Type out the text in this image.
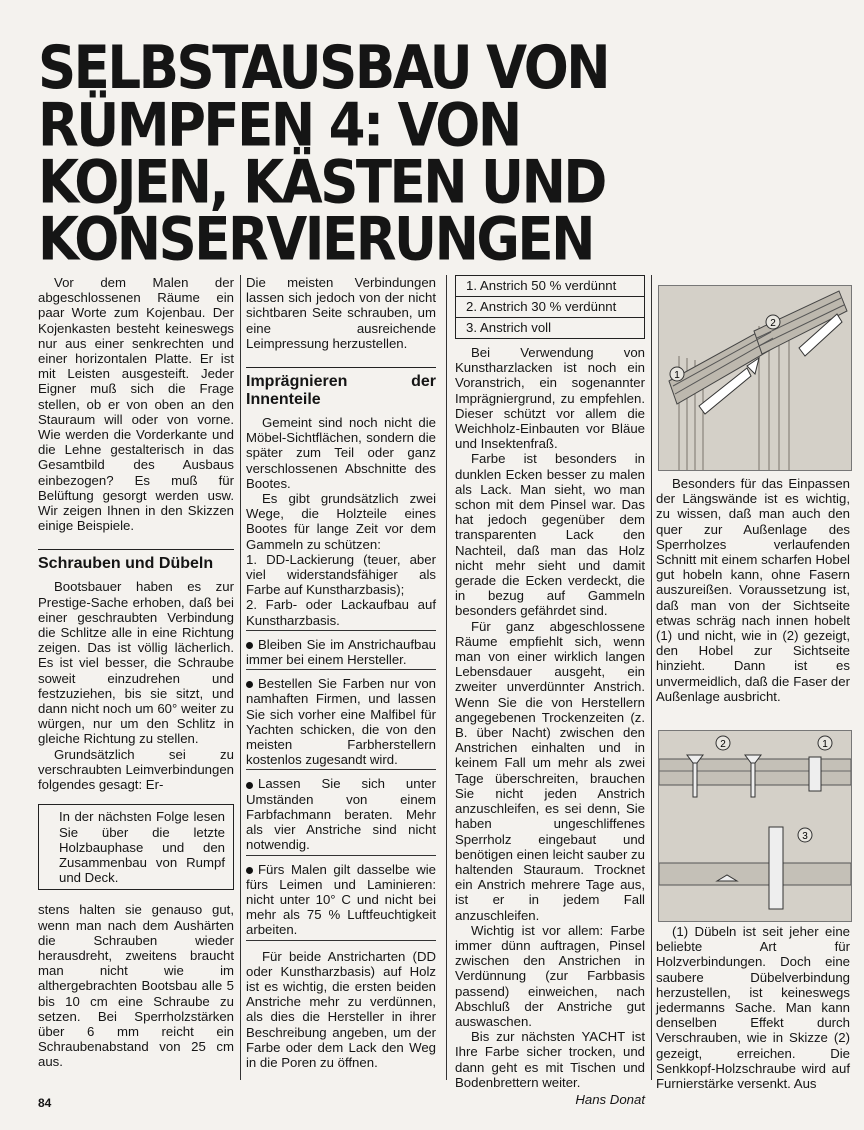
SELBSTAUSBAU VON
RÜMPFEN 4: VON
KOJEN, KÄSTEN UND
KONSERVIERUNGEN

Vor dem Malen der abgeschlossenen Räume ein paar Worte zum Kojenbau. Der Kojenkasten besteht keineswegs nur aus einer senkrechten und einer horizontalen Platte. Er ist mit Leisten ausgesteift. Jeder Eigner muß sich die Frage stellen, ob er von oben an den Stauraum will oder von vorne. Wie werden die Vorderkante und die Lehne gestalterisch in das Gesamtbild des Ausbaus einbezogen? Es muß für Belüftung gesorgt werden usw. Wir zeigen Ihnen in den Skizzen einige Beispiele.

Schrauben und Dübeln

Bootsbauer haben es zur Prestige-Sache erhoben, daß bei einer geschraubten Verbindung die Schlitze alle in eine Richtung zeigen. Das ist völlig lächerlich. Es ist viel besser, die Schraube soweit einzudrehen und festzuziehen, bis sie sitzt, und dann nicht noch um 60° weiter zu würgen, nur um den Schlitz in gleiche Richtung zu stellen.

Grundsätzlich sei zu verschraubten Leimverbindungen folgendes gesagt: Er-

In der nächsten Folge lesen Sie über die letzte Holzbauphase und den Zusammenbau von Rumpf und Deck.

stens halten sie genauso gut, wenn man nach dem Aushärten die Schrauben wieder herausdreht, zweitens braucht man nicht wie im althergebrachten Bootsbau alle 5 bis 10 cm eine Schraube zu setzen. Bei Sperrholzstärken über 6 mm reicht ein Schraubenabstand von 25 cm aus.

Die meisten Verbindungen lassen sich jedoch von der nicht sichtbaren Seite schrauben, um eine ausreichende Leimpressung herzustellen.

Imprägnieren der Innenteile

Gemeint sind noch nicht die Möbel-Sichtflächen, sondern die später zum Teil oder ganz verschlossenen Abschnitte des Bootes.

Es gibt grundsätzlich zwei Wege, die Holzteile eines Bootes für lange Zeit vor dem Gammeln zu schützen:

1. DD-Lackierung (teuer, aber viel widerstandsfähiger als Farbe auf Kunstharzbasis);

2. Farb- oder Lackaufbau auf Kunstharzbasis.

Bleiben Sie im Anstrichaufbau immer bei einem Hersteller.

Bestellen Sie Farben nur von namhaften Firmen, und lassen Sie sich vorher eine Malfibel für Yachten schicken, die von den meisten Farbherstellern kostenlos zugesandt wird.

Lassen Sie sich unter Umständen von einem Farbfachmann beraten. Mehr als vier Anstriche sind nicht notwendig.

Fürs Malen gilt dasselbe wie fürs Leimen und Laminieren: nicht unter 10° C und nicht bei mehr als 75 % Luftfeuchtigkeit arbeiten.

Für beide Anstricharten (DD oder Kunstharzbasis) auf Holz ist es wichtig, die ersten beiden Anstriche mehr zu verdünnen, als dies die Hersteller in ihrer Beschreibung angeben, um der Farbe oder dem Lack den Weg in die Poren zu öffnen.

1. Anstrich 50 % verdünnt
2. Anstrich 30 % verdünnt
3. Anstrich voll

Bei Verwendung von Kunstharzlacken ist noch ein Voranstrich, ein sogenannter Imprägniergrund, zu empfehlen. Dieser schützt vor allem die Weichholz-Einbauten vor Bläue und Insektenfraß.

Farbe ist besonders in dunklen Ecken besser zu malen als Lack. Man sieht, wo man schon mit dem Pinsel war. Das hat jedoch gegenüber dem transparenten Lack den Nachteil, daß man das Holz nicht mehr sieht und damit gerade die Ecken verdeckt, die in bezug auf Gammeln besonders gefährdet sind.

Für ganz abgeschlossene Räume empfiehlt sich, wenn man von einer wirklich langen Lebensdauer ausgeht, ein zweiter unverdünnter Anstrich. Wenn Sie die von Herstellern angegebenen Trockenzeiten (z. B. über Nacht) zwischen den Anstrichen einhalten und in keinem Fall um mehr als zwei Tage überschreiten, brauchen Sie nicht jeden Anstrich anzuschleifen, es sei denn, Sie haben ungeschliffenes Sperrholz eingebaut und benötigen einen leicht sauber zu haltenden Stauraum. Trocknet ein Anstrich mehrere Tage aus, ist er in jedem Fall anzuschleifen.

Wichtig ist vor allem: Farbe immer dünn auftragen, Pinsel zwischen den Anstrichen in Verdünnung (zur Farbbasis passend) einweichen, nach Abschluß der Anstriche gut auswaschen.

Bis zur nächsten YACHT ist Ihre Farbe sicher trocken, und dann geht es mit Tischen und Bodenbrettern weiter.

Hans Donat

1
2

Besonders für das Einpassen der Längswände ist es wichtig, zu wissen, daß man auch den quer zur Außenlage des Sperrholzes verlaufenden Schnitt mit einem scharfen Hobel gut hobeln kann, ohne Fasern auszureißen. Voraussetzung ist, daß man von der Sichtseite etwas schräg nach innen hobelt (1) und nicht, wie in (2) gezeigt, den Hobel zur Sichtseite hinzieht. Dann ist es unvermeidlich, daß die Faser der Außenlage ausbricht.

2	1
3

(1) Dübeln ist seit jeher eine beliebte Art für Holzverbindungen. Doch eine saubere Dübelverbindung herzustellen, ist keineswegs jedermanns Sache. Man kann denselben Effekt durch Verschrauben, wie in Skizze (2) gezeigt, erreichen. Die Senkkopf-Holzschraube wird auf Furnierstärke versenkt. Aus

84
